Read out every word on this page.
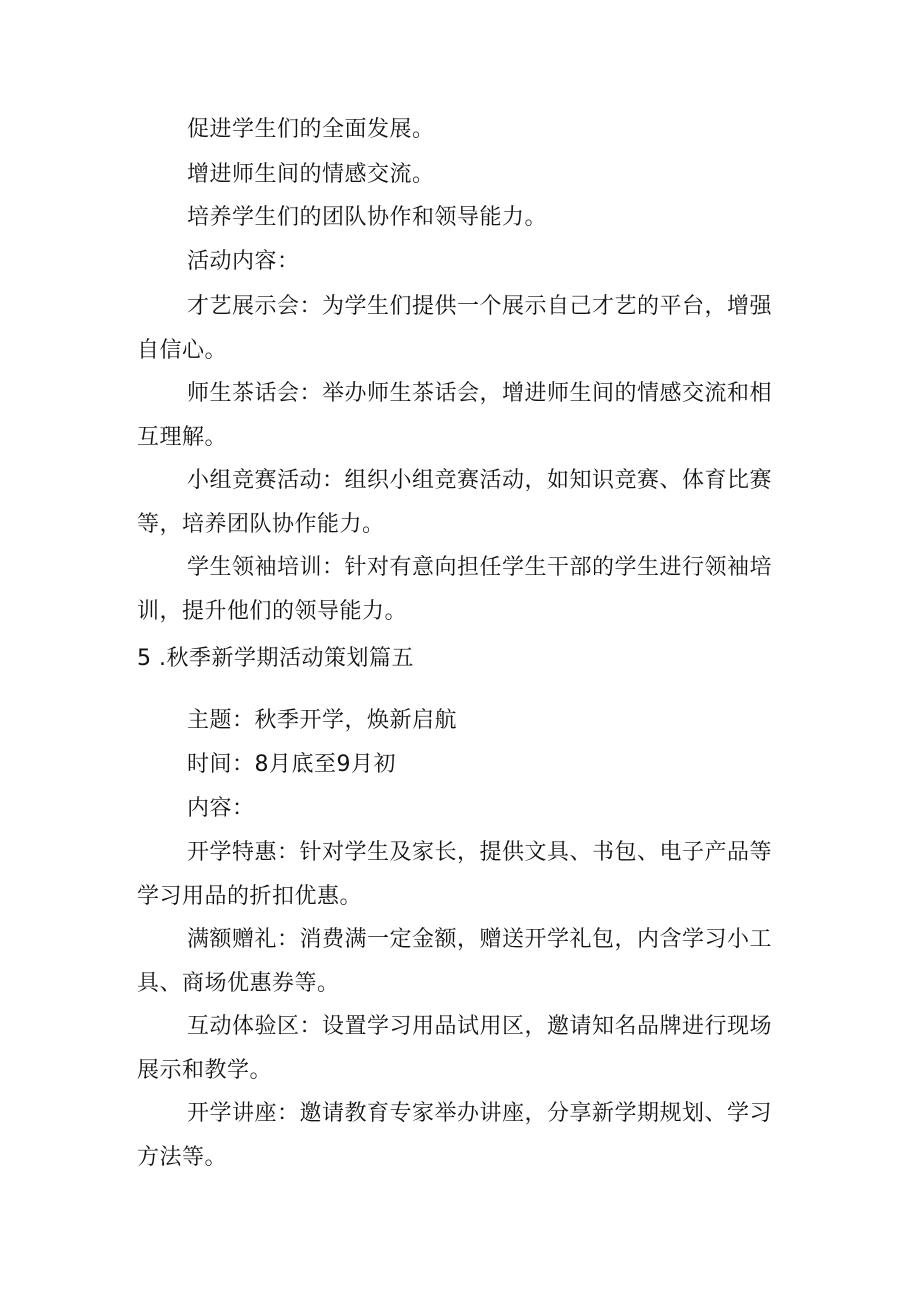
促进学生们的全面发展。

增进师生间的情感交流。

培养学生们的团队协作和领导能力。

活动内容：

才艺展示会：为学生们提供一个展示自己才艺的平台，增强自信心。

师生茶话会：举办师生茶话会，增进师生间的情感交流和相互理解。

小组竞赛活动：组织小组竞赛活动，如知识竞赛、体育比赛等，培养团队协作能力。

学生领袖培训：针对有意向担任学生干部的学生进行领袖培训，提升他们的领导能力。

5 .秋季新学期活动策划篇五

主题：秋季开学，焕新启航

时间：8月底至9月初

内容：

开学特惠：针对学生及家长，提供文具、书包、电子产品等学习用品的折扣优惠。

满额赠礼：消费满一定金额，赠送开学礼包，内含学习小工具、商场优惠券等。

互动体验区：设置学习用品试用区，邀请知名品牌进行现场展示和教学。

开学讲座：邀请教育专家举办讲座，分享新学期规划、学习方法等。
